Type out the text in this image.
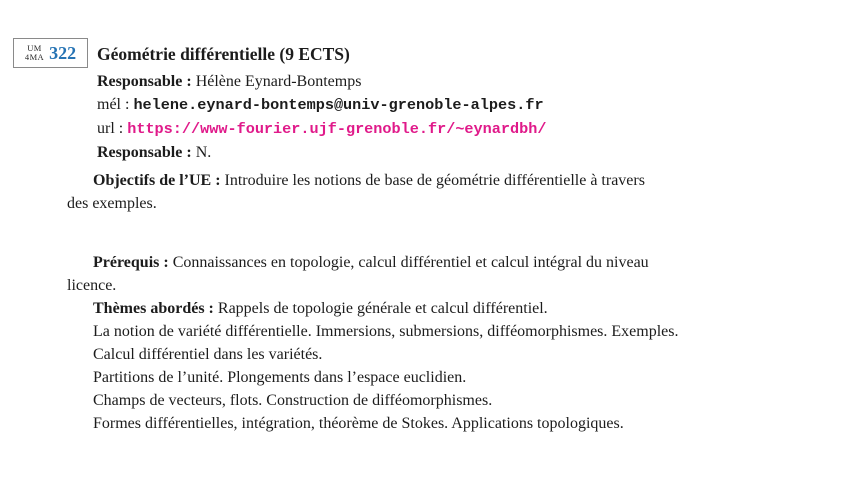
UM
4MA 322 Géométrie différentielle (9 ECTS)
Responsable : Hélène Eynard-Bontemps
mél : helene.eynard-bontemps@univ-grenoble-alpes.fr
url : https://www-fourier.ujf-grenoble.fr/~eynardbh/
Responsable : N.
Objectifs de l’UE : Introduire les notions de base de géométrie différentielle à travers
des exemples.
Prérequis : Connaissances en topologie, calcul différentiel et calcul intégral du niveau
licence.
Thèmes abordés : Rappels de topologie générale et calcul différentiel.
La notion de variété différentielle. Immersions, submersions, difféomorphismes. Exemples.
Calcul différentiel dans les variétés.
Partitions de l’unité. Plongements dans l’espace euclidien.
Champs de vecteurs, flots. Construction de difféomorphismes.
Formes différentielles, intégration, théorème de Stokes. Applications topologiques.
